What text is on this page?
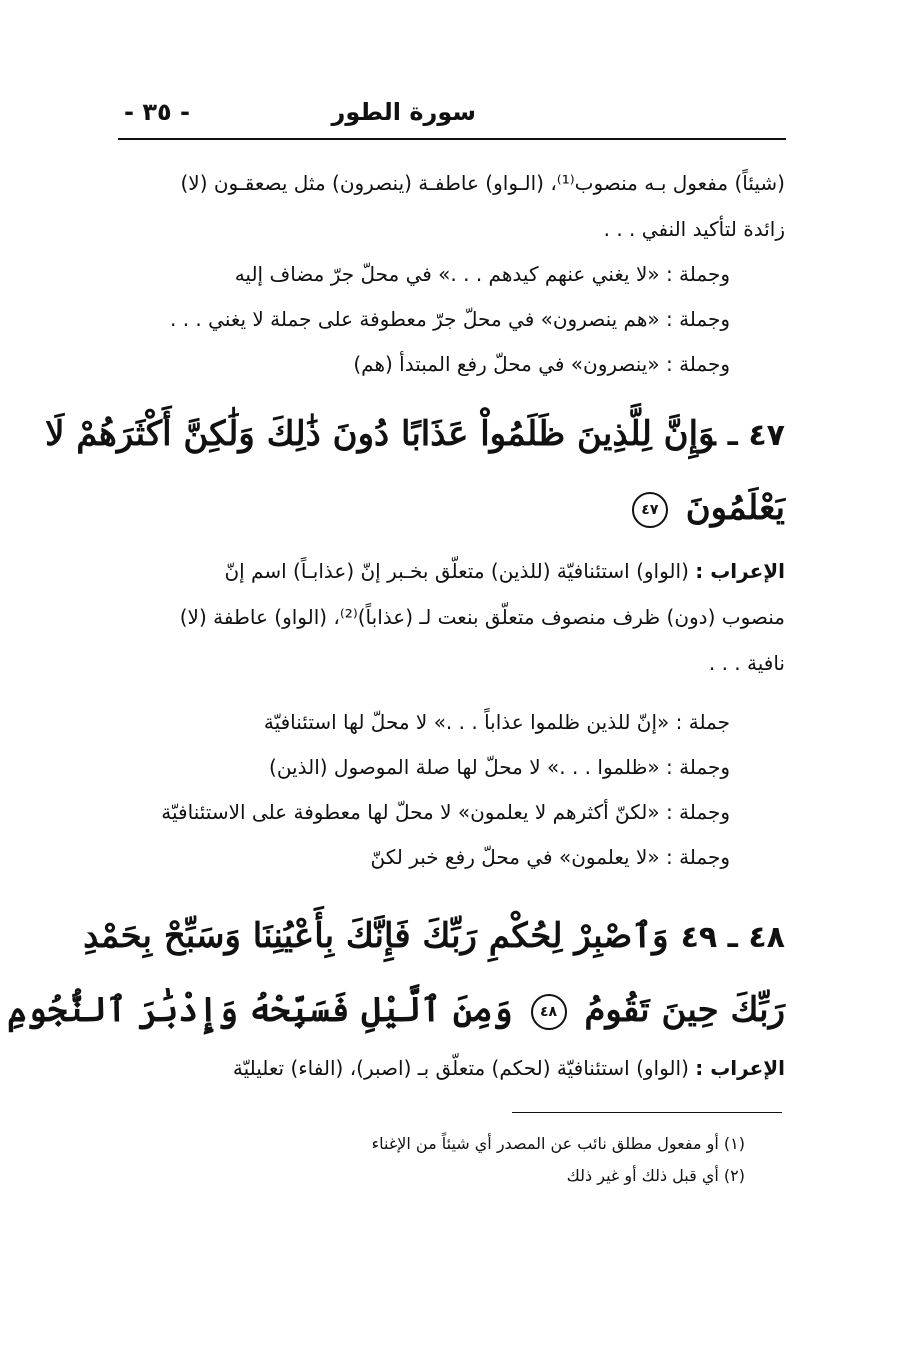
سورة الطور
- ٣٥ -
(شيئاً) مفعول بـه منصوب⁽¹⁾، (الـواو) عاطفـة (ينصرون) مثل يصعقـون (لا)
زائدة لتأكيد النفي . . .
وجملة : «لا يغني عنهم كيدهم . . .» في محلّ جرّ مضاف إليه
وجملة : «هم ينصرون» في محلّ جرّ معطوفة على جملة لا يغني . . .
وجملة : «ينصرون» في محلّ رفع المبتدأ (هم)
٤٧ ـوَإِنَّ لِلَّذِينَ ظَلَمُواْ عَذَابًا دُونَ ذَٰلِكَ وَلَٰكِنَّ أَكْثَرَهُمْ لَا
يَعْلَمُونَ ٤٧
الإعراب : (الواو) استئنافيّة (للذين) متعلّق بخـبر إنّ (عذابـاً) اسم إنّ
منصوب (دون) ظرف منصوف متعلّق بنعت لـ (عذاباً)⁽²⁾، (الواو) عاطفة (لا)
نافية . . .
جملة : «إنّ للذين ظلموا عذاباً . . .» لا محلّ لها استئنافيّة
وجملة : «ظلموا . . .» لا محلّ لها صلة الموصول (الذين)
وجملة : «لكنّ أكثرهم لا يعلمون» لا محلّ لها معطوفة على الاستئنافيّة
وجملة : «لا يعلمون» في محلّ رفع خبر لكنّ
٤٨ ـ ٤٩وَٱصْبِرْ لِحُكْمِ رَبِّكَ فَإِنَّكَ بِأَعْيُنِنَا وَسَبِّحْ بِحَمْدِ
رَبِّكَ حِينَ تَقُومُ ٤٨ وَمِنَ ٱلَّيْلِ فَسَبِّحْهُ وَإِدْبَٰرَ ٱلنُّجُومِ
الإعراب : (الواو) استئنافيّة (لحكم) متعلّق بـ (اصبر)، (الفاء) تعليليّة
(١) أو مفعول مطلق نائب عن المصدر أي شيئاً من الإغناء
(٢) أي قبل ذلك أو غير ذلك
